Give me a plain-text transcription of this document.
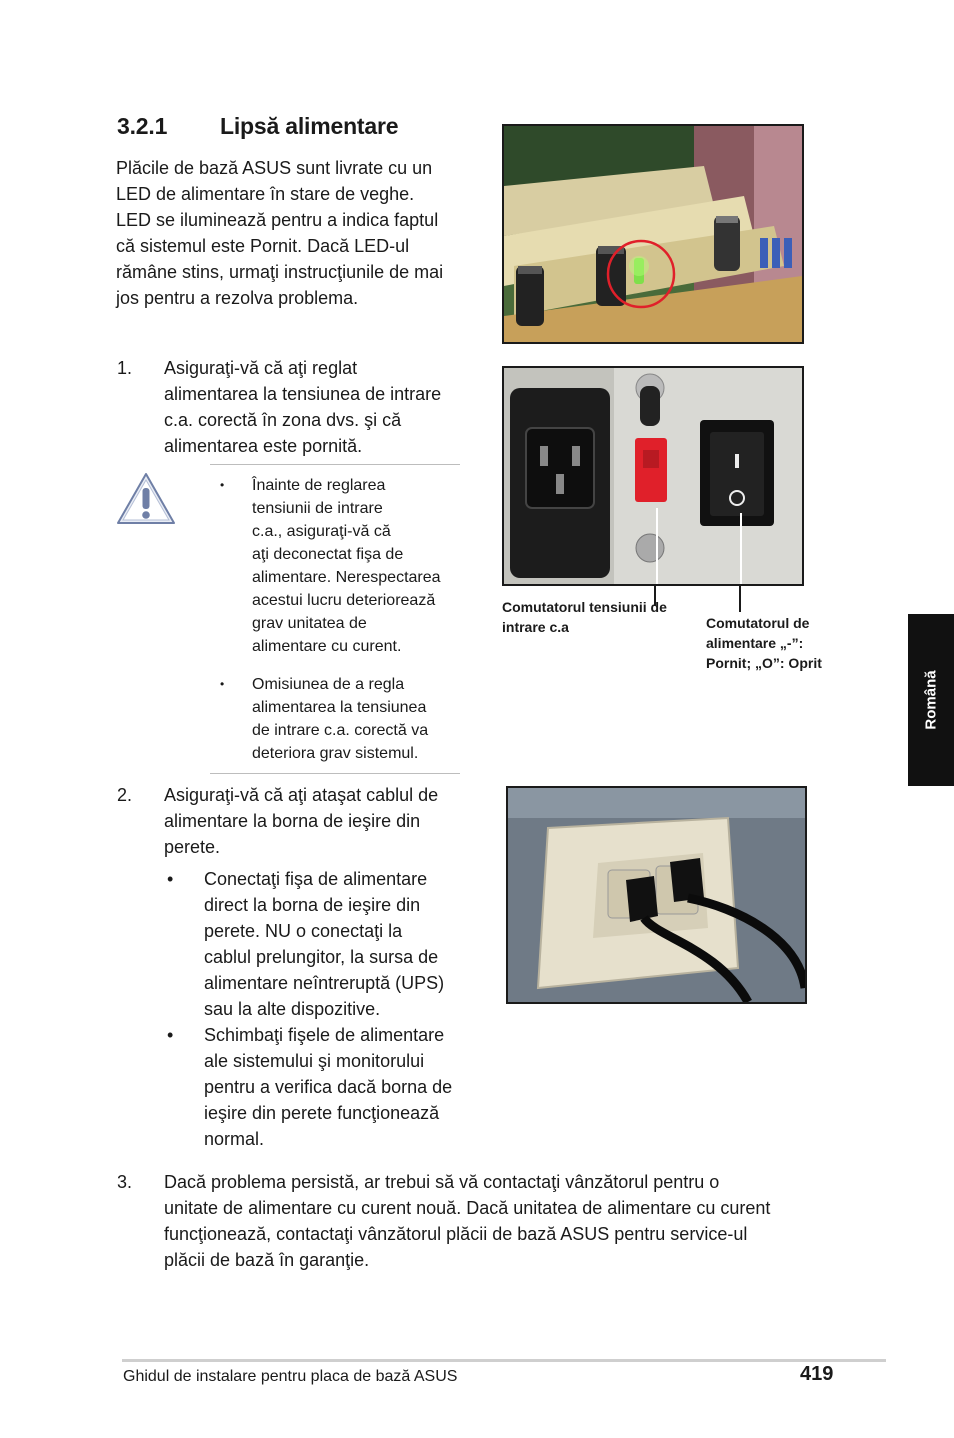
3.2.1 Lipsă alimentare
Plăcile de bază ASUS sunt livrate cu un
LED de alimentare în stare de veghe.
LED se iluminează pentru a indica faptul
că sistemul este Pornit. Dacă LED-ul
rămâne stins, urmaţi instrucţiunile de mai
jos pentru a rezolva problema.
1. Asiguraţi-vă că aţi reglat
alimentarea la tensiunea de intrare
c.a. corectă în zona dvs. şi că
alimentarea este pornită.
• Înainte de reglarea
tensiunii de intrare
c.a., asiguraţi-vă că
aţi deconectat fişa de
alimentare. Nerespectarea
acestui lucru deteriorează
grav unitatea de
alimentare cu curent.
• Omisiunea de a regla
alimentarea la tensiunea
de intrare c.a. corectă va
deteriora grav sistemul.
2. Asiguraţi-vă că aţi ataşat cablul de
alimentare la borna de ieşire din
perete.
• Conectaţi fişa de alimentare
direct la borna de ieşire din
perete. NU o conectaţi la
cablul prelungitor, la sursa de
alimentare neîntreruptă (UPS)
sau la alte dispozitive.
• Schimbaţi fişele de alimentare
ale sistemului şi monitorului
pentru a verifica dacă borna de
ieşire din perete funcţionează
normal.
3. Dacă problema persistă, ar trebui să vă contactaţi vânzătorul pentru o
unitate de alimentare cu curent nouă. Dacă unitatea de alimentare cu curent
funcţionează, contactaţi vânzătorul plăcii de bază ASUS pentru service-ul
plăcii de bază în garanţie.
Comutatorul tensiunii de
intrare c.a	Comutatorul de
alimentare „-”:
Pornit; „O”: Oprit
Română
Ghidul de instalare pentru placa de bază ASUS	419
